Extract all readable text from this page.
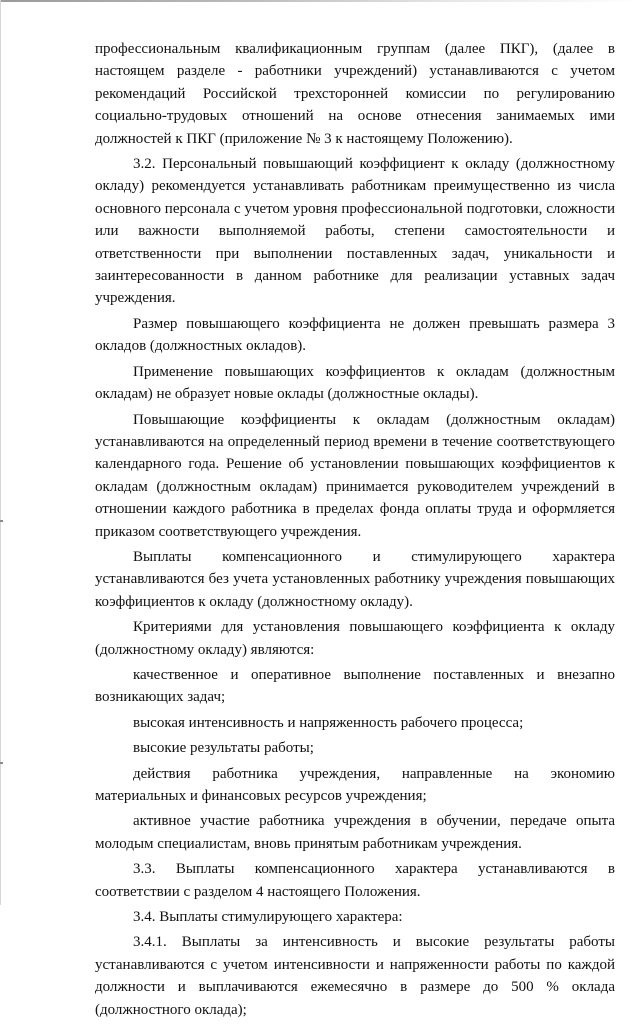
профессиональным квалификационным группам (далее ПКГ), (далее в настоящем разделе - работники учреждений) устанавливаются с учетом рекомендаций Российской трехсторонней комиссии по регулированию социально-трудовых отношений на основе отнесения занимаемых ими должностей к ПКГ (приложение № 3 к настоящему Положению).

3.2. Персональный повышающий коэффициент к окладу (должностному окладу) рекомендуется устанавливать работникам преимущественно из числа основного персонала с учетом уровня профессиональной подготовки, сложности или важности выполняемой работы, степени самостоятельности и ответственности при выполнении поставленных задач, уникальности и заинтересованности в данном работнике для реализации уставных задач учреждения.

Размер повышающего коэффициента не должен превышать размера 3 окладов (должностных окладов).

Применение повышающих коэффициентов к окладам (должностным окладам) не образует новые оклады (должностные оклады).

Повышающие коэффициенты к окладам (должностным окладам) устанавливаются на определенный период времени в течение соответствующего календарного года. Решение об установлении повышающих коэффициентов к окладам (должностным окладам) принимается руководителем учреждений в отношении каждого работника в пределах фонда оплаты труда и оформляется приказом соответствующего учреждения.

Выплаты компенсационного и стимулирующего характера устанавливаются без учета установленных работнику учреждения повышающих коэффициентов к окладу (должностному окладу).

Критериями для установления повышающего коэффициента к окладу (должностному окладу) являются:

качественное и оперативное выполнение поставленных и внезапно возникающих задач;

высокая интенсивность и напряженность рабочего процесса;

высокие результаты работы;

действия работника учреждения, направленные на экономию материальных и финансовых ресурсов учреждения;

активное участие работника учреждения в обучении, передаче опыта молодым специалистам, вновь принятым работникам учреждения.

3.3. Выплаты компенсационного характера устанавливаются в соответствии с разделом 4 настоящего Положения.

3.4. Выплаты стимулирующего характера:

3.4.1. Выплаты за интенсивность и высокие результаты работы устанавливаются с учетом интенсивности и напряженности работы по каждой должности и выплачиваются ежемесячно в размере до 500 % оклада (должностного оклада);
